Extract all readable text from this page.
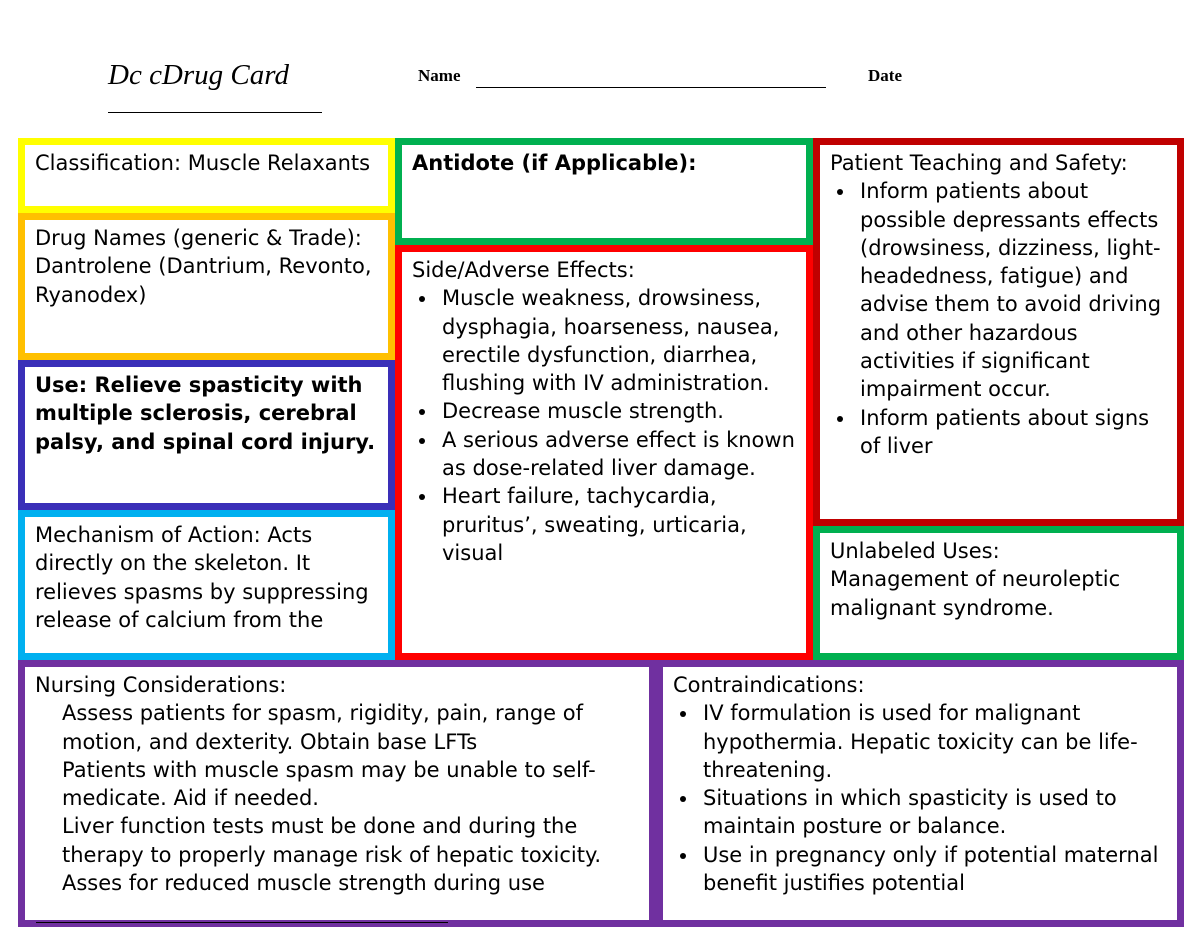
Dc cDrug Card	Name	Date

Classification: Muscle Relaxants

Drug Names (generic & Trade):

Dantrolene (Dantrium, Revonto, Ryanodex)

Use: Relieve spasticity with multiple sclerosis, cerebral palsy, and spinal cord injury.

Mechanism of Action: Acts directly on the skeleton. It relieves spasms by suppressing release of calcium from the

Antidote (if Applicable):

Side/Adverse Effects:

• Muscle weakness, drowsiness, dysphagia, hoarseness, nausea, erectile dysfunction, diarrhea, flushing with IV administration.
• Decrease muscle strength.
• A serious adverse effect is known as dose-related liver damage.
• Heart failure, tachycardia, pruritus’, sweating, urticaria, visual

Patient Teaching and Safety:

• Inform patients about possible depressants effects (drowsiness, dizziness, light-headedness, fatigue) and advise them to avoid driving and other hazardous activities if significant impairment occur.
• Inform patients about signs of liver

Unlabeled Uses:

Management of neuroleptic malignant syndrome.

Nursing Considerations:

Assess patients for spasm, rigidity, pain, range of motion, and dexterity. Obtain base LFTs

Patients with muscle spasm may be unable to self-medicate. Aid if needed.

Liver function tests must be done and during the therapy to properly manage risk of hepatic toxicity.

Asses for reduced muscle strength during use

Contraindications:

• IV formulation is used for malignant hypothermia. Hepatic toxicity can be life-threatening.
• Situations in which spasticity is used to maintain posture or balance.
• Use in pregnancy only if potential maternal benefit justifies potential
